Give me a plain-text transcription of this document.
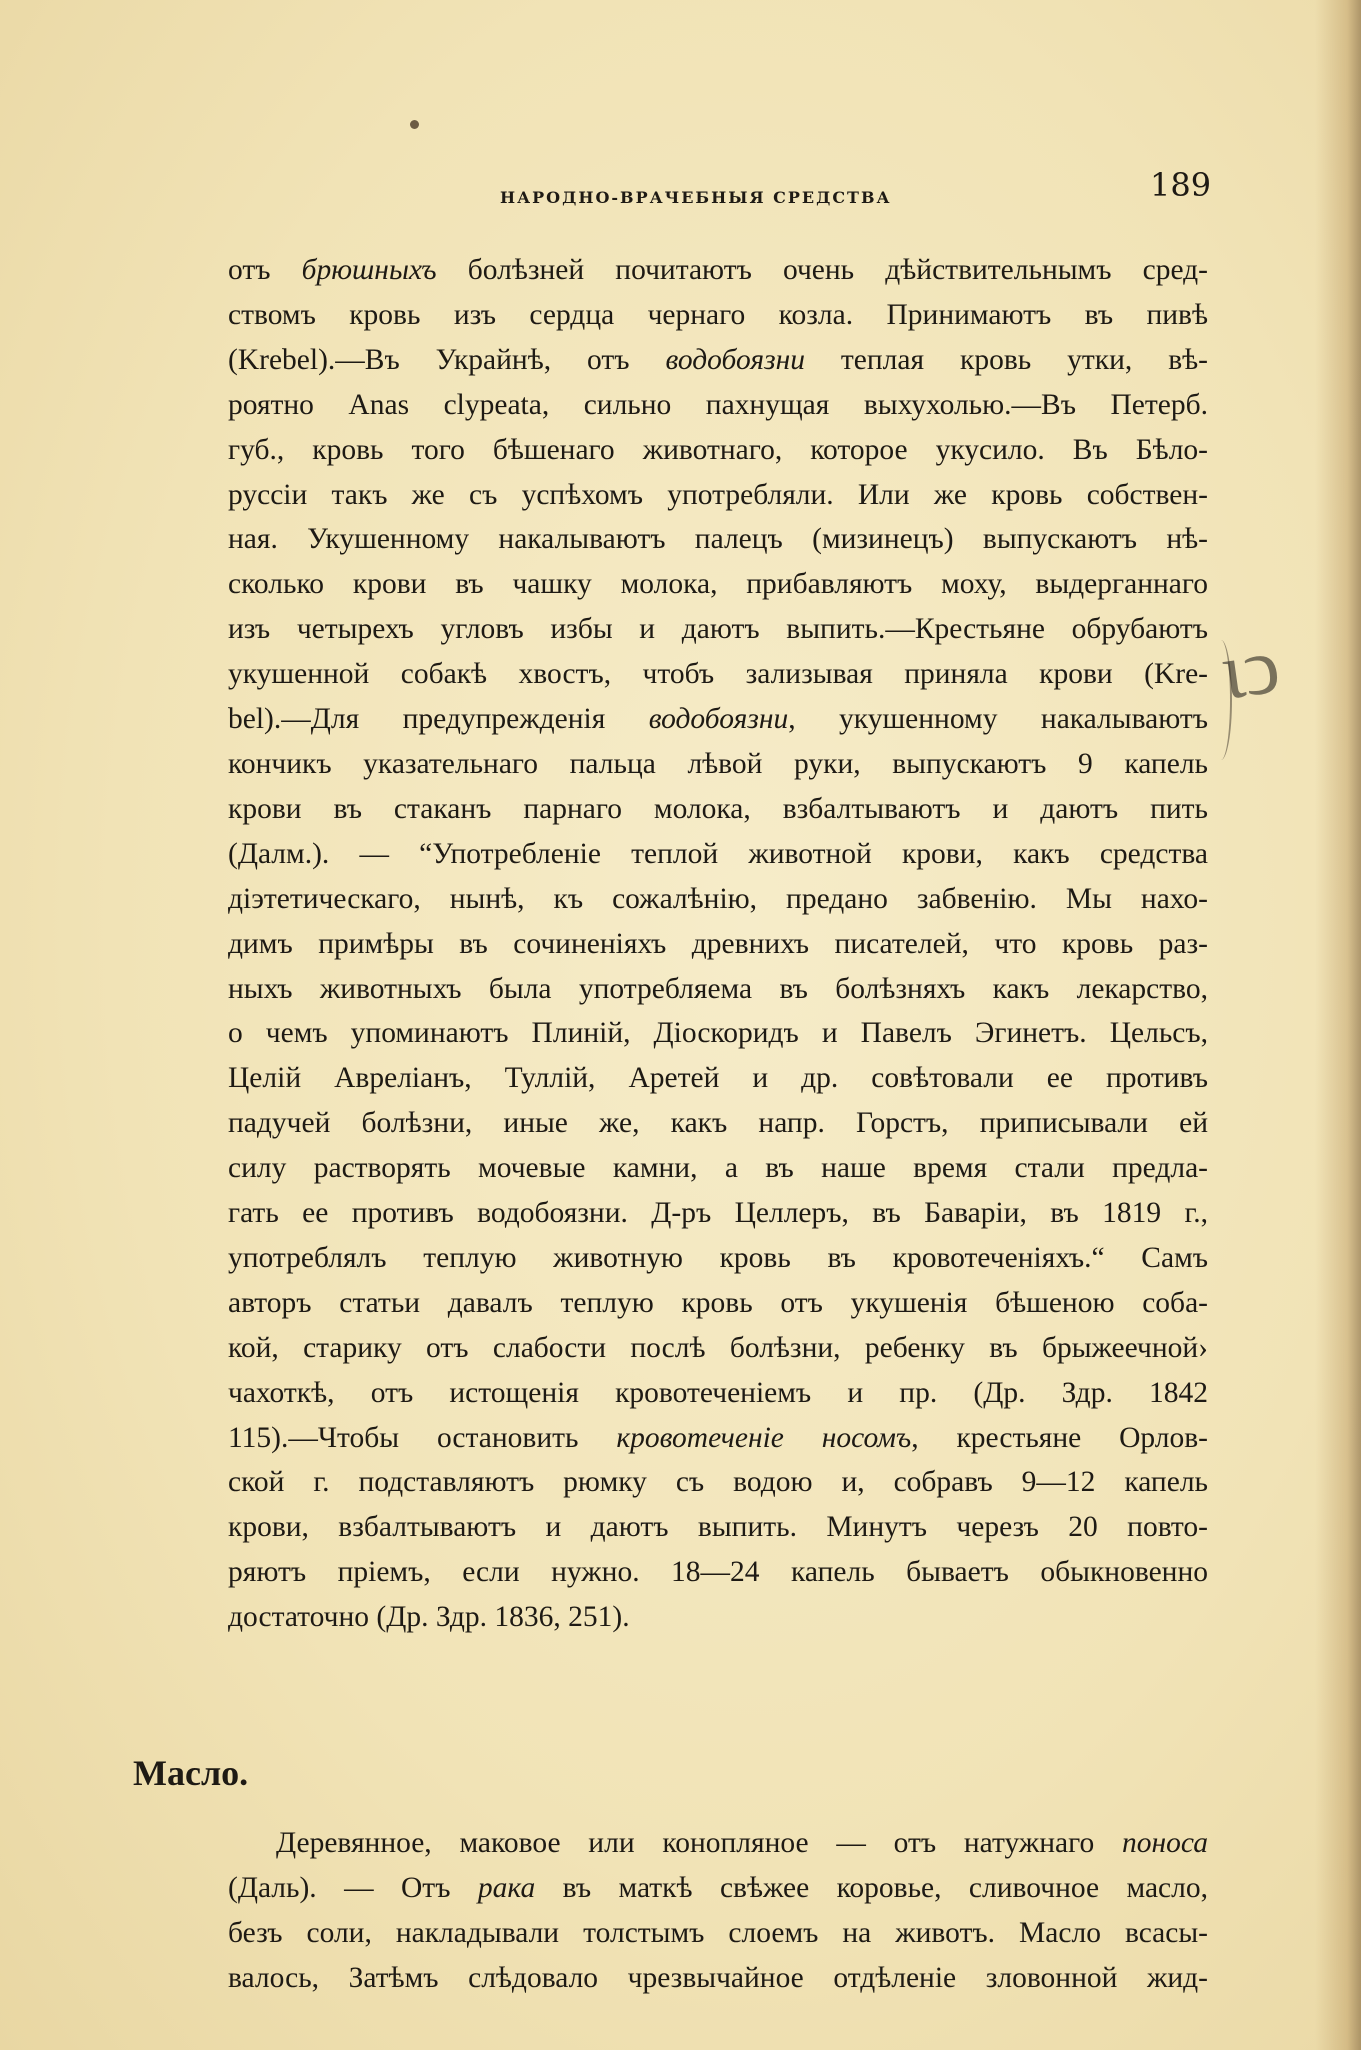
НАРОДНО-ВРАЧЕБНЫЯ СРЕДСТВА	189
отъ брюшныхъ болѣзней почитаютъ очень дѣйствительнымъ сред-
ствомъ кровь изъ сердца чернаго козла. Принимаютъ въ пивѣ
(Krebel).—Въ Украйнѣ, отъ водобоязни теплая кровь утки, вѣ-
роятно Anas clypeata, сильно пахнущая выхухолью.—Въ Петерб.
губ., кровь того бѣшенаго животнаго, которое укусило. Въ Бѣло-
руссіи такъ же съ успѣхомъ употребляли. Или же кровь собствен-
ная. Укушенному накалываютъ палецъ (мизинецъ) выпускаютъ нѣ-
сколько крови въ чашку молока, прибавляютъ моху, выдерганнаго
изъ четырехъ угловъ избы и даютъ выпить.—Крестьяне обрубаютъ
укушенной собакѣ хвостъ, чтобъ зализывая приняла крови (Kre-
bel).—Для предупрежденія водобоязни, укушенному накалываютъ
кончикъ указательнаго пальца лѣвой руки, выпускаютъ 9 капель
крови въ стаканъ парнаго молока, взбалтываютъ и даютъ пить
(Далм.). — “Употребленіе теплой животной крови, какъ средства
діэтетическаго, нынѣ, къ сожалѣнію, предано забвенію. Мы нахо-
димъ примѣры въ сочиненіяхъ древнихъ писателей, что кровь раз-
ныхъ животныхъ была употребляема въ болѣзняхъ какъ лекарство,
о чемъ упоминаютъ Плиній, Діоскоридъ и Павелъ Эгинетъ. Цельсъ,
Целій Авреліанъ, Туллій, Аретей и др. совѣтовали ее противъ
падучей болѣзни, иные же, какъ напр. Горстъ, приписывали ей
силу растворять мочевые камни, а въ наше время стали предла-
гать ее противъ водобоязни. Д-ръ Целлеръ, въ Баваріи, въ 1819 г.,
употреблялъ теплую животную кровь въ кровотеченіяхъ.“ Самъ
авторъ статьи давалъ теплую кровь отъ укушенія бѣшеною соба-
кой, старику отъ слабости послѣ болѣзни, ребенку въ брыжеечной›
чахоткѣ, отъ истощенія кровотеченіемъ и пр. (Др. Здр. 1842
115).—Чтобы остановить кровотеченіе носомъ, крестьяне Орлов-
ской г. подставляютъ рюмку съ водою и, собравъ 9—12 капель
крови, взбалтываютъ и даютъ выпить. Минутъ черезъ 20 повто-
ряютъ пріемъ, если нужно. 18—24 капель бываетъ обыкновенно
достаточно (Др. Здр. 1836, 251).
Масло.
Деревянное, маковое или конопляное — отъ натужнаго поноса
(Даль). — Отъ рака въ маткѣ свѣжее коровье, сливочное масло,
безъ соли, накладывали толстымъ слоемъ на животъ. Масло всасы-
валось, Затѣмъ слѣдовало чрезвычайное отдѣленіе зловонной жид-
ɩↄ
